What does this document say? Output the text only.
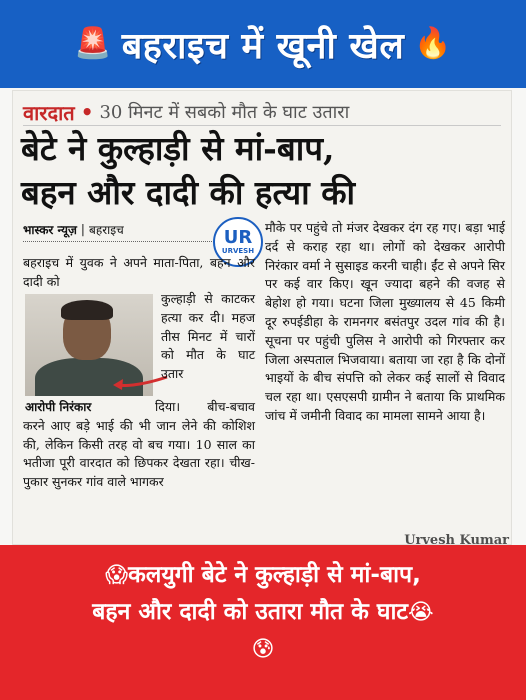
🚨 बहराइच में खूनी खेल 🔥
वारदात • 30 मिनट में सबको मौत के घाट उतारा
बेटे ने कुल्हाड़ी से मां-बाप,
बहन और दादी की हत्या की
भास्कर न्यूज़ | बहराइच	UR
URVESH
बहराइच में युवक ने अपने माता-पिता, बहन और दादी को
कुल्हाड़ी से काटकर हत्या कर दी। महज तीस मिनट में चारों को मौत के घाट उतार
आरोपी निरंकार	दिया। बीच-बचाव करने आए बड़े भाई की भी जान लेने की कोशिश की, लेकिन किसी तरह वो बच गया। 10 साल का भतीजा पूरी वारदात को छिपकर देखता रहा। चीख-पुकार सुनकर गांव वाले भागकर
मौके पर पहुंचे तो मंजर देखकर दंग रह गए। बड़ा भाई दर्द से कराह रहा था। लोगों को देखकर आरोपी निरंकार वर्मा ने सुसाइड करनी चाही। ईंट से अपने सिर पर कई वार किए। खून ज्यादा बहने की वजह से बेहोश हो गया। घटना जिला मुख्यालय से 45 किमी दूर रुपईडीहा के रामनगर बसंतपुर उदल गांव की है। सूचना पर पहुंची पुलिस ने आरोपी को गिरफ्तार कर जिला अस्पताल भिजवाया। बताया जा रहा है कि दोनों भाइयों के बीच संपत्ति को लेकर कई सालों से विवाद चल रहा था। एसएसपी ग्रामीन ने बताया कि प्राथमिक जांच में जमीनी विवाद का मामला सामने आया है।
Urvesh Kumar
😱कलयुगी बेटे ने कुल्हाड़ी से मां-बाप,
बहन और दादी को उतारा मौत के घाट😭
😰
